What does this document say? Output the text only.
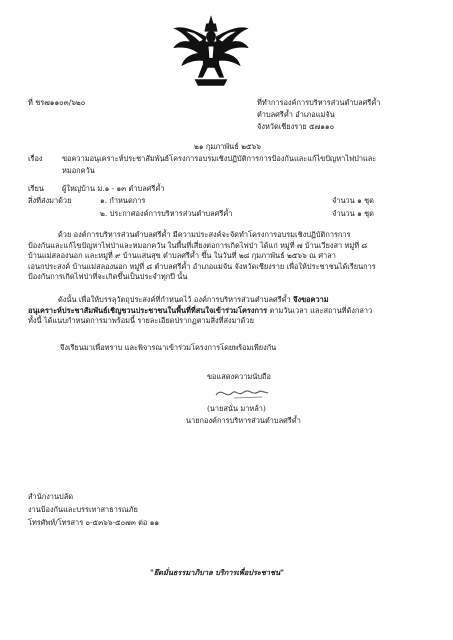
ที่ ชร๗๑๑๐๓/๖๒๐	ที่ทำการองค์การบริหารส่วนตำบลศรีค้ำ
ตำบลศรีค้ำ อำเภอแม่จัน
จังหวัดเชียงราย ๕๗๑๑๐
๒๑ กุมภาพันธ์ ๒๕๖๖
เรื่อง	ขอความอนุเคราะห์ประชาสัมพันธ์โครงการอบรมเชิงปฏิบัติการการป้องกันและแก้ไขปัญหาไฟป่าและ
หมอกควัน
เรียน ผู้ใหญ่บ้าน ม.๑ - ๑๓ ตำบลศรีค้ำ
สิ่งที่ส่งมาด้วย	๑. กำหนดการ	จำนวน ๑ ชุด
๒. ประกาศองค์การบริหารส่วนตำบลศรีค้ำ	จำนวน ๑ ชุด
ด้วย องค์การบริหารส่วนตำบลศรีค้ำ มีความประสงค์จะจัดทำโครงการอบรมเชิงปฏิบัติการการ
ป้องกันและแก้ไขปัญหาไฟป่าและหมอกควัน ในพื้นที่เสี่ยงต่อการเกิดไฟป่า ได้แก่ หมู่ที่ ๗ บ้านเวียงสา หมู่ที่ ๘
บ้านแม่สลองนอก และหมู่ที่ ๙ บ้านแสนสุข ตำบลศรีค้ำ ขึ้น ในวันที่ ๒๘ กุมภาพันธ์ ๒๕๖๖ ณ ศาลา
เอนกประสงค์ บ้านแม่สลองนอก หมู่ที่ ๘ ตำบลศรีค้ำ อำเภอแม่จัน จังหวัดเชียงราย เพื่อให้ประชาชนได้เรียนการ
ป้องกันการเกิดไฟป่าที่จะเกิดขึ้นเป็นประจำทุกปี นั้น
ดังนั้น เพื่อให้บรรลุวัตถุประสงค์ที่กำหนดไว้ องค์การบริหารส่วนตำบลศรีค้ำ จึงขอความ
อนุเคราะห์ประชาสัมพันธ์เชิญชวนประชาชนในพื้นที่ที่สนใจเข้าร่วมโครงการ ตามวันเวลา และสถานที่ดังกล่าว
ทั้งนี้ ได้แนบกำหนดการมาพร้อมนี้ รายละเอียดปรากฏตามสิ่งที่ส่งมาด้วย
จึงเรียนมาเพื่อทราบ และพิจารณาเข้าร่วมโครงการโดยพร้อมเพียงกัน
ขอแสดงความนับถือ
(นายสนั่น มาหล้า)
นายกองค์การบริหารส่วนตำบลศรีค้ำ
สำนักงานปลัด
งานป้องกันและบรรเทาสาธารณภัย
โทรศัพท์/โทรสาร ๐-๕๓๖๖-๕๐๗๓ ต่อ ๑๑
"ยึดมั่นธรรมาภิบาล บริการเพื่อประชาชน"
